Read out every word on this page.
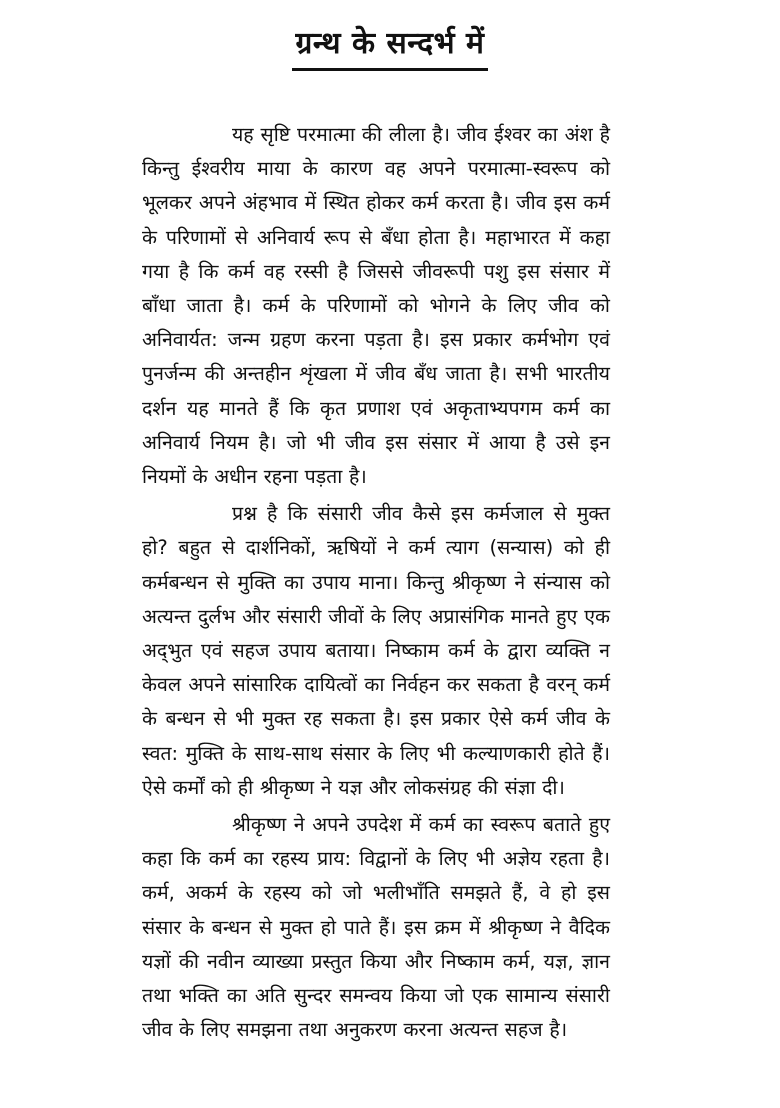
ग्रन्थ के सन्दर्भ में

यह सृष्टि परमात्मा की लीला है। जीव ईश्वर का अंश है किन्तु ईश्वरीय माया के कारण वह अपने परमात्मा-स्वरूप को भूलकर अपने अंहभाव में स्थित होकर कर्म करता है। जीव इस कर्म के परिणामों से अनिवार्य रूप से बँधा होता है। महाभारत में कहा गया है कि कर्म वह रस्सी है जिससे जीवरूपी पशु इस संसार में बाँधा जाता है। कर्म के परिणामों को भोगने के लिए जीव को अनिवार्यत: जन्म ग्रहण करना पड़ता है। इस प्रकार कर्मभोग एवं पुनर्जन्म की अन्तहीन शृंखला में जीव बँध जाता है। सभी भारतीय दर्शन यह मानते हैं कि कृत प्रणाश एवं अकृताभ्यपगम कर्म का अनिवार्य नियम है। जो भी जीव इस संसार में आया है उसे इन नियमों के अधीन रहना पड़ता है।

प्रश्न है कि संसारी जीव कैसे इस कर्मजाल से मुक्त हो? बहुत से दार्शनिकों, ऋषियों ने कर्म त्याग (सन्यास) को ही कर्मबन्धन से मुक्ति का उपाय माना। किन्तु श्रीकृष्ण ने संन्यास को अत्यन्त दुर्लभ और संसारी जीवों के लिए अप्रासंगिक मानते हुए एक अद्‌भुत एवं सहज उपाय बताया। निष्काम कर्म के द्वारा व्यक्ति न केवल अपने सांसारिक दायित्वों का निर्वहन कर सकता है वरन् कर्म के बन्धन से भी मुक्त रह सकता है। इस प्रकार ऐसे कर्म जीव के स्वत: मुक्ति के साथ-साथ संसार के लिए भी कल्याणकारी होते हैं। ऐसे कर्मों को ही श्रीकृष्ण ने यज्ञ और लोकसंग्रह की संज्ञा दी।

श्रीकृष्ण ने अपने उपदेश में कर्म का स्वरूप बताते हुए कहा कि कर्म का रहस्य प्राय: विद्वानों के लिए भी अज्ञेय रहता है। कर्म, अकर्म के रहस्य को जो भलीभाँति समझते हैं, वे हो इस संसार के बन्धन से मुक्त हो पाते हैं। इस क्रम में श्रीकृष्ण ने वैदिक यज्ञों की नवीन व्याख्या प्रस्तुत किया और निष्काम कर्म, यज्ञ, ज्ञान तथा भक्ति का अति सुन्दर समन्वय किया जो एक सामान्य संसारी जीव के लिए समझना तथा अनुकरण करना अत्यन्त सहज है।
